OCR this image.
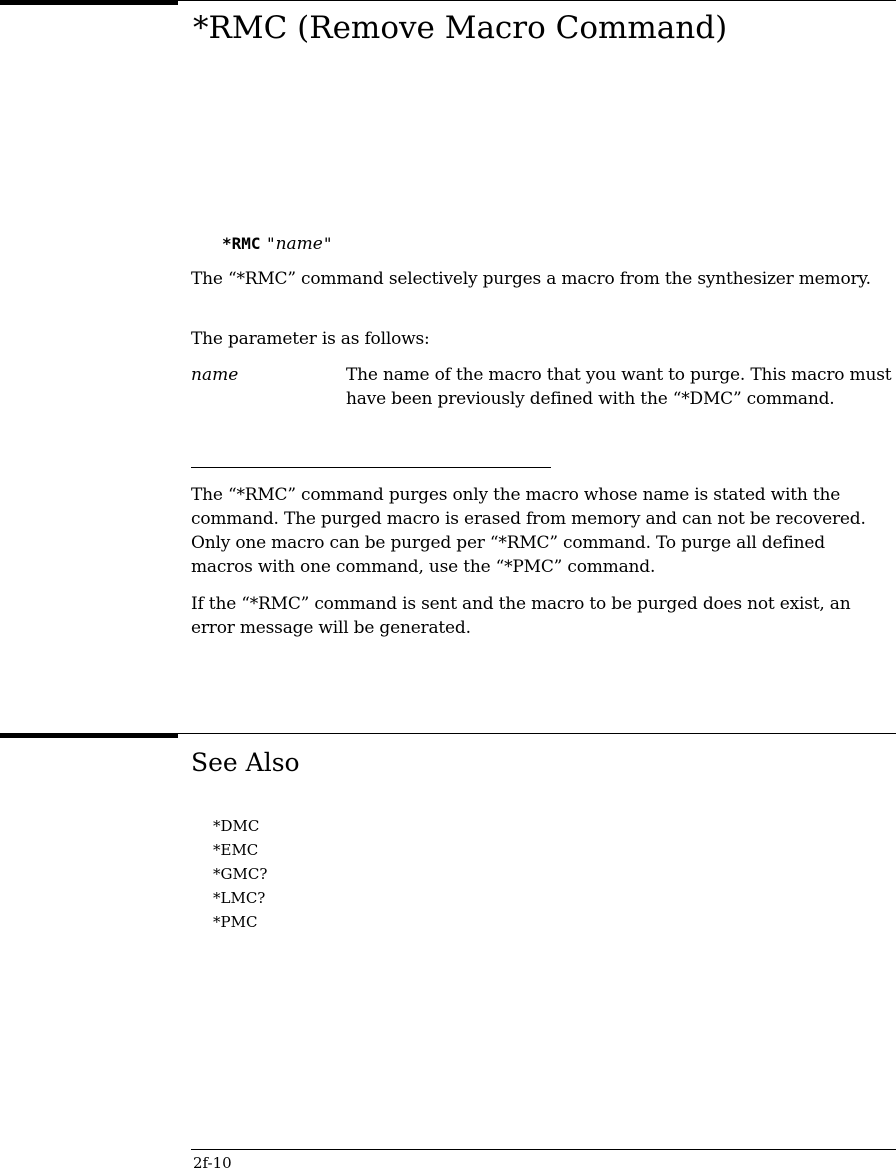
*RMC (Remove Macro Command)
*RMC "name"

The “*RMC” command selectively purges a macro from the synthesizer memory.

The parameter is as follows:

name	The name of the macro that you want to purge. This macro must have been previously defined with the “*DMC” command.

The “*RMC” command purges only the macro whose name is stated with the command. The purged macro is erased from memory and can not be recovered. Only one macro can be purged per “*RMC” command. To purge all defined macros with one command, use the “*PMC” command.

If the “*RMC” command is sent and the macro to be purged does not exist, an error message will be generated.

See Also
*DMC
*EMC
*GMC?
*LMC?
*PMC
2f-10
